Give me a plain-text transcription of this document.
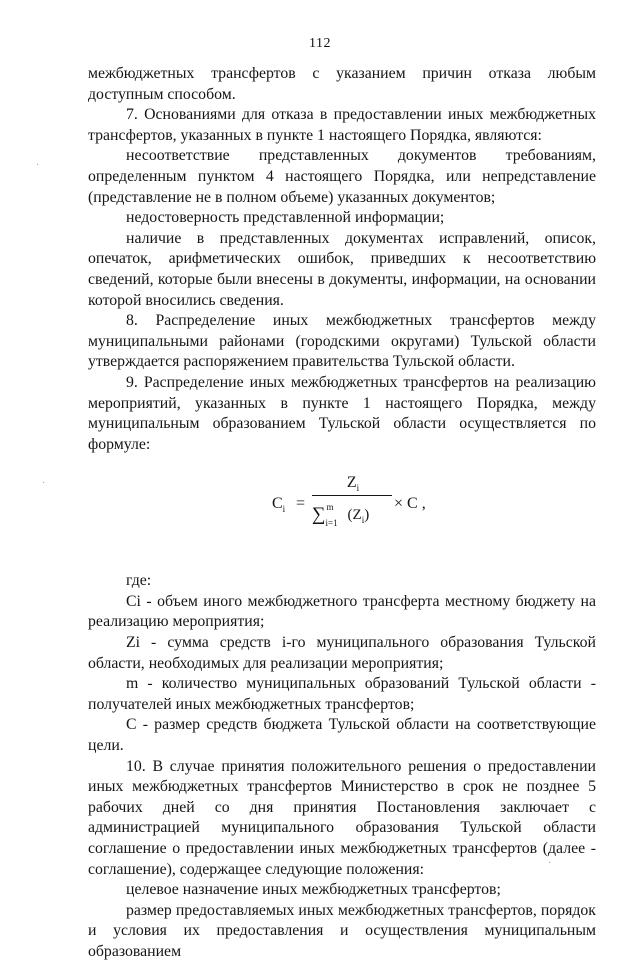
112

межбюджетных трансфертов с указанием причин отказа любым доступным способом.

7. Основаниями для отказа в предоставлении иных межбюджетных трансфертов, указанных в пункте 1 настоящего Порядка, являются:

несоответствие представленных документов требованиям, определенным пунктом 4 настоящего Порядка, или непредставление (представление не в полном объеме) указанных документов;

недостоверность представленной информации;

наличие в представленных документах исправлений, описок, опечаток, арифметических ошибок, приведших к несоответствию сведений, которые были внесены в документы, информации, на основании которой вносились сведения.

8. Распределение иных межбюджетных трансфертов между муниципальными районами (городскими округами) Тульской области утверждается распоряжением правительства Тульской области.

9. Распределение иных межбюджетных трансфертов на реализацию мероприятий, указанных в пункте 1 настоящего Порядка, между муниципальным образованием Тульской области осуществляется по формуле:

$C_i$ =
$Z_i$
∑ m
i=1 $(Z_i)$
× C ,

где:

Ci - объем иного межбюджетного трансферта местному бюджету на реализацию мероприятия;

Zi - сумма средств i-го муниципального образования Тульской области, необходимых для реализации мероприятия;

m - количество муниципальных образований Тульской области - получателей иных межбюджетных трансфертов;

С - размер средств бюджета Тульской области на соответствующие цели.

10. В случае принятия положительного решения о предоставлении иных межбюджетных трансфертов Министерство в срок не позднее 5 рабочих дней со дня принятия Постановления заключает с администрацией муниципального образования Тульской области соглашение о предоставлении иных межбюджетных трансфертов (далее - соглашение), содержащее следующие положения:

целевое назначение иных межбюджетных трансфертов;

размер предоставляемых иных межбюджетных трансфертов, порядок и условия их предоставления и осуществления муниципальным образованием

·
·
·
